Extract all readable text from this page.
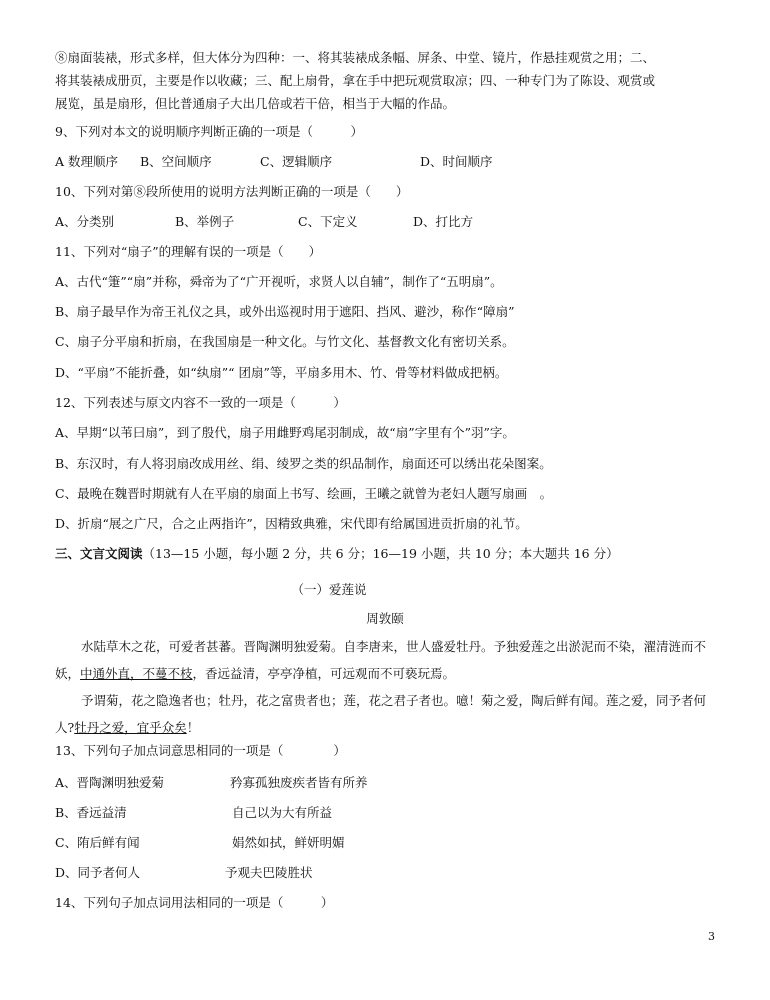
⑧扇面装裱，形式多样，但大体分为四种：一、将其装裱成条幅、屏条、中堂、镜片，作悬挂观赏之用；二、
将其装裱成册页，主要是作以收藏；三、配上扇骨，拿在手中把玩观赏取凉；四、一种专门为了陈设、观赏或
展览，虽是扇形，但比普通扇子大出几倍或若干倍，相当于大幅的作品。
9、下列对本文的说明顺序判断正确的一项是（　　　）
A 数理顺序 B、空间顺序	C、逻辑顺序	D、时间顺序
10、下列对第⑧段所使用的说明方法判断正确的一项是（　　）
A、分类别	B、举例子	C、下定义	D、打比方
11、下列对“扇子”的理解有误的一项是（　　）
A、古代“箑”“扇”并称，舜帝为了“广开视听，求贤人以自辅”，制作了“五明扇”。
B、扇子最早作为帝王礼仪之具，或外出巡视时用于遮阳、挡风、避沙，称作“障扇”
C、扇子分平扇和折扇，在我国扇是一种文化。与竹文化、基督教文化有密切关系。
D、“平扇”不能折叠，如“纨扇”“ 团扇”等，平扇多用木、竹、骨等材料做成把柄。
12、下列表述与原文内容不一致的一项是（　　　）
A、早期“以苇曰扇”，到了殷代，扇子用雌野鸡尾羽制成，故“扇”字里有个”羽”字。
B、东汉时，有人将羽扇改成用丝、绢、绫罗之类的织品制作，扇面还可以绣出花朵图案。
C、最晚在魏晋时期就有人在平扇的扇面上书写、绘画，王曦之就曾为老妇人题写扇画　。
D、折扇“展之广尺，合之止两指许”，因精致典雅，宋代即有给属国进贡折扇的礼节。
三、文言文阅读（13—15 小题，每小题 2 分，共 6 分；16—19 小题，共 10 分；本大题共 16 分）
（一）爱莲说
周敦颐
水陆草木之花，可爱者甚蕃。晋陶渊明独爱菊。自李唐来，世人盛爱牡丹。予独爱莲之出淤泥而不染，濯清涟而不妖，中通外直，不蔓不枝，香远益清，亭亭净植，可远观而不可亵玩焉。
予谓菊，花之隐逸者也；牡丹，花之富贵者也；莲，花之君子者也。噫！菊之爱，陶后鲜有闻。莲之爱，同予者何人?牡丹之爱，宜乎众矣！
13、下列句子加点词意思相同的一项是（　　　　）
A、晋陶渊明独爱菊	矜寡孤独废疾者皆有所养
B、香远益清	自己以为大有所益
C、陏后鲜有闻	娟然如拭，鲜妍明媚
D、同予者何人	予观夫巴陵胜状
14、下列句子加点词用法相同的一项是（　　　）
3
